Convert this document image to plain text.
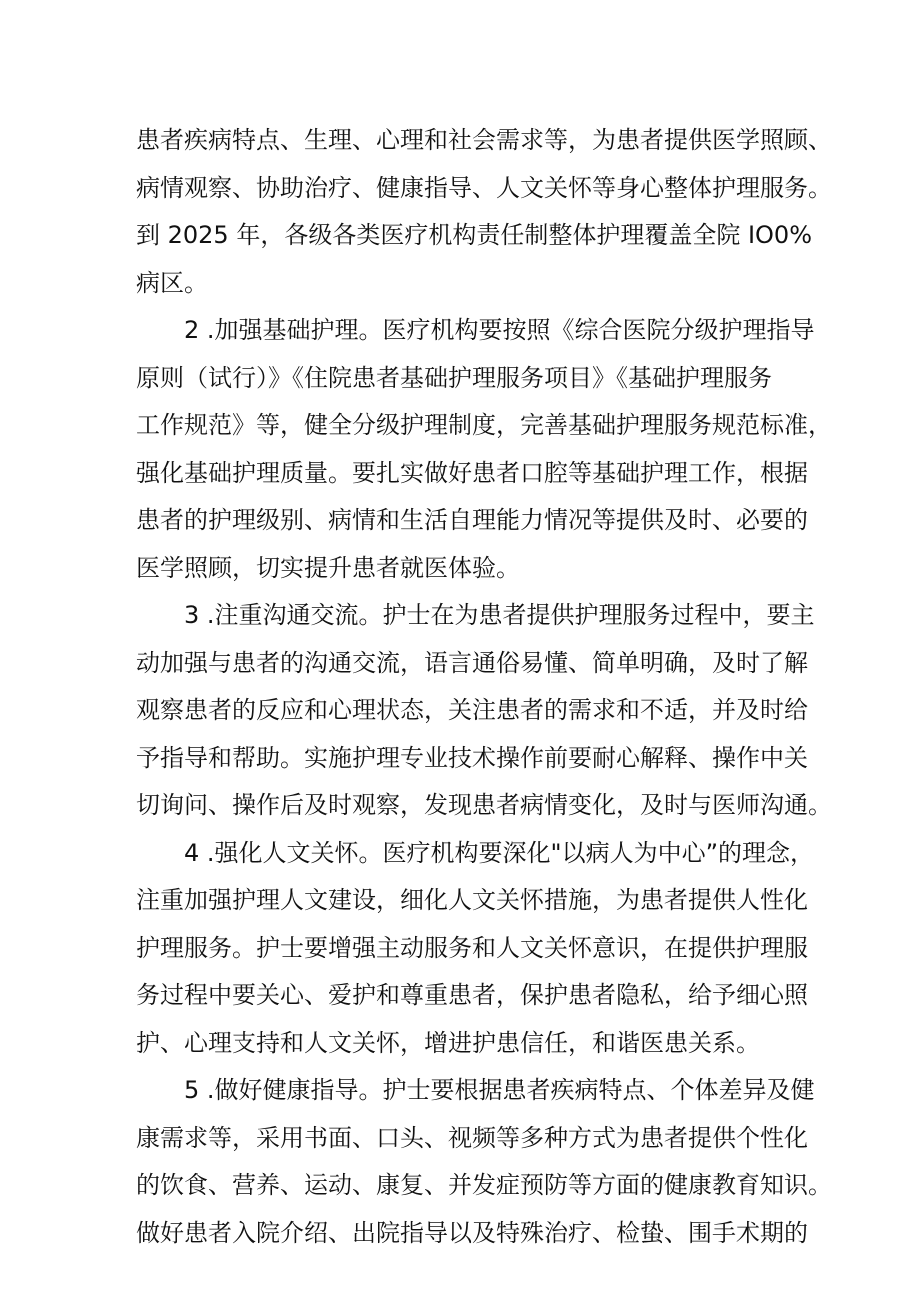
患者疾病特点、生理、心理和社会需求等，为患者提供医学照顾、
病情观察、协助治疗、健康指导、人文关怀等身心整体护理服务。
到 2025 年，各级各类医疗机构责任制整体护理覆盖全院 IO0%
病区。
2 .加强基础护理。医疗机构要按照《综合医院分级护理指导
原则（试行）》《住院患者基础护理服务项目》《基础护理服务
工作规范》等，健全分级护理制度，完善基础护理服务规范标准，
强化基础护理质量。要扎实做好患者口腔等基础护理工作，根据
患者的护理级别、病情和生活自理能力情况等提供及时、必要的
医学照顾，切实提升患者就医体验。
3 .注重沟通交流。护士在为患者提供护理服务过程中，要主
动加强与患者的沟通交流，语言通俗易懂、简单明确，及时了解
观察患者的反应和心理状态，关注患者的需求和不适，并及时给
予指导和帮助。实施护理专业技术操作前要耐心解释、操作中关
切询问、操作后及时观察，发现患者病情变化，及时与医师沟通。
4 .强化人文关怀。医疗机构要深化"以病人为中心”的理念，
注重加强护理人文建设，细化人文关怀措施，为患者提供人性化
护理服务。护士要增强主动服务和人文关怀意识，在提供护理服
务过程中要关心、爱护和尊重患者，保护患者隐私，给予细心照
护、心理支持和人文关怀，增进护患信任，和谐医患关系。
5 .做好健康指导。护士要根据患者疾病特点、个体差异及健
康需求等，采用书面、口头、视频等多种方式为患者提供个性化
的饮食、营养、运动、康复、并发症预防等方面的健康教育知识。
做好患者入院介绍、出院指导以及特殊治疗、检蛰、围手术期的
